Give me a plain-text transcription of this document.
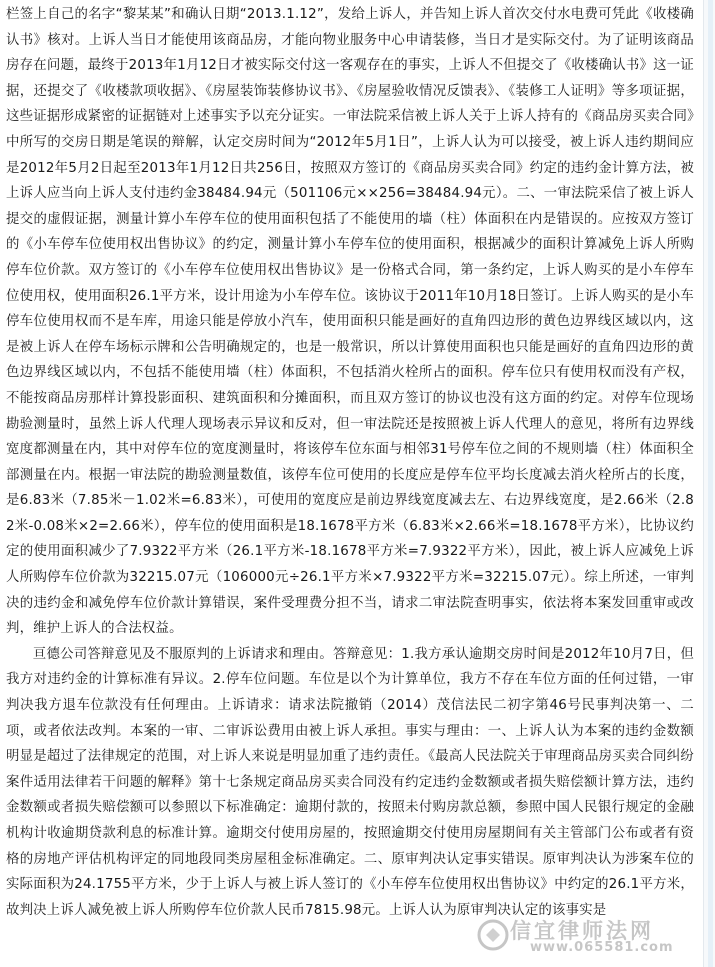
栏签上自己的名字“黎某某”和确认日期“2013.1.12”，发给上诉人，并告知上诉人首次交付水电费可凭此《收楼确认书》核对。上诉人当日才能使用该商品房，才能向物业服务中心申请装修，当日才是实际交付。为了证明该商品房存在问题，最终于2013年1月12日才被实际交付这一客观存在的事实，上诉人不但提交了《收楼确认书》这一证据，还提交了《收楼款项收据》、《房屋装饰装修协议书》、《房屋验收情况反馈表》、《装修工人证明》等多项证据，这些证据形成紧密的证据链对上述事实予以充分证实。一审法院采信被上诉人关于上诉人持有的《商品房买卖合同》中所写的交房日期是笔误的辩解，认定交房时间为“2012年5月1日”，上诉人认为可以接受，被上诉人违约期间应是2012年5月2日起至2013年1月12日共256日，按照双方签订的《商品房买卖合同》约定的违约金计算方法，被上诉人应当向上诉人支付违约金38484.94元（501106元××256=38484.94元）。二、一审法院采信了被上诉人提交的虚假证据，测量计算小车停车位的使用面积包括了不能使用的墙（柱）体面积在内是错误的。应按双方签订的《小车停车位使用权出售协议》的约定，测量计算小车停车位的使用面积，根据减少的面积计算减免上诉人所购停车位价款。双方签订的《小车停车位使用权出售协议》是一份格式合同，第一条约定，上诉人购买的是小车停车位使用权，使用面积26.1平方米，设计用途为小车停车位。该协议于2011年10月18日签订。上诉人购买的是小车停车位使用权而不是车库，用途只能是停放小汽车，使用面积只能是画好的直角四边形的黄色边界线区域以内，这是被上诉人在停车场标示牌和公告明确规定的，也是一般常识，所以计算使用面积也只能是画好的直角四边形的黄色边界线区域以内，不包括不能使用墙（柱）体面积，不包括消火栓所占的面积。停车位只有使用权而没有产权，不能按商品房那样计算投影面积、建筑面积和分摊面积，而且双方签订的协议也没有这方面的约定。对停车位现场勘验测量时，虽然上诉人代理人现场表示异议和反对，但一审法院还是按照被上诉人代理人的意见，将所有边界线宽度都测量在内，其中对停车位的宽度测量时，将该停车位东面与相邻31号停车位之间的不规则墙（柱）体面积全部测量在内。根据一审法院的勘验测量数值，该停车位可使用的长度应是停车位平均长度减去消火栓所占的长度，是6.83米（7.85米－1.02米=6.83米），可使用的宽度应是前边界线宽度减去左、右边界线宽度，是2.66米（2.82米-0.08米×2=2.66米），停车位的使用面积是18.1678平方米（6.83米×2.66米=18.1678平方米），比协议约定的使用面积减少了7.9322平方米（26.1平方米-18.1678平方米=7.9322平方米），因此，被上诉人应减免上诉人所购停车位价款为32215.07元（106000元÷26.1平方米×7.9322平方米=32215.07元）。综上所述，一审判决的违约金和减免停车位价款计算错误，案件受理费分担不当，请求二审法院查明事实，依法将本案发回重审或改判，维护上诉人的合法权益。

亘德公司答辩意见及不服原判的上诉请求和理由。答辩意见：1.我方承认逾期交房时间是2012年10月7日，但我方对违约金的计算标准有异议。2.停车位问题。车位是以个为计算单位，我方不存在车位方面的任何过错，一审判决我方退车位款没有任何理由。上诉请求：请求法院撤销（2014）茂信法民二初字第46号民事判决第一、二项，或者依法改判。本案的一审、二审诉讼费用由被上诉人承担。事实与理由：一、上诉人认为本案的违约金数额明显是超过了法律规定的范围，对上诉人来说是明显加重了违约责任。《最高人民法院关于审理商品房买卖合同纠纷案件适用法律若干问题的解释》第十七条规定商品房买卖合同没有约定违约金数额或者损失赔偿额计算方法，违约金数额或者损失赔偿额可以参照以下标准确定：逾期付款的，按照未付购房款总额，参照中国人民银行规定的金融机构计收逾期贷款利息的标准计算。逾期交付使用房屋的，按照逾期交付使用房屋期间有关主管部门公布或者有资格的房地产评估机构评定的同地段同类房屋租金标准确定。二、原审判决认定事实错误。原审判决认为涉案车位的实际面积为24.1755平方米，少于上诉人与被上诉人签订的《小车停车位使用权出售协议》中约定的26.1平方米，故判决上诉人减免被上诉人所购停车位价款人民币7815.98元。上诉人认为原审判决认定的该事实是

信宜律师法网
www.065581.com
